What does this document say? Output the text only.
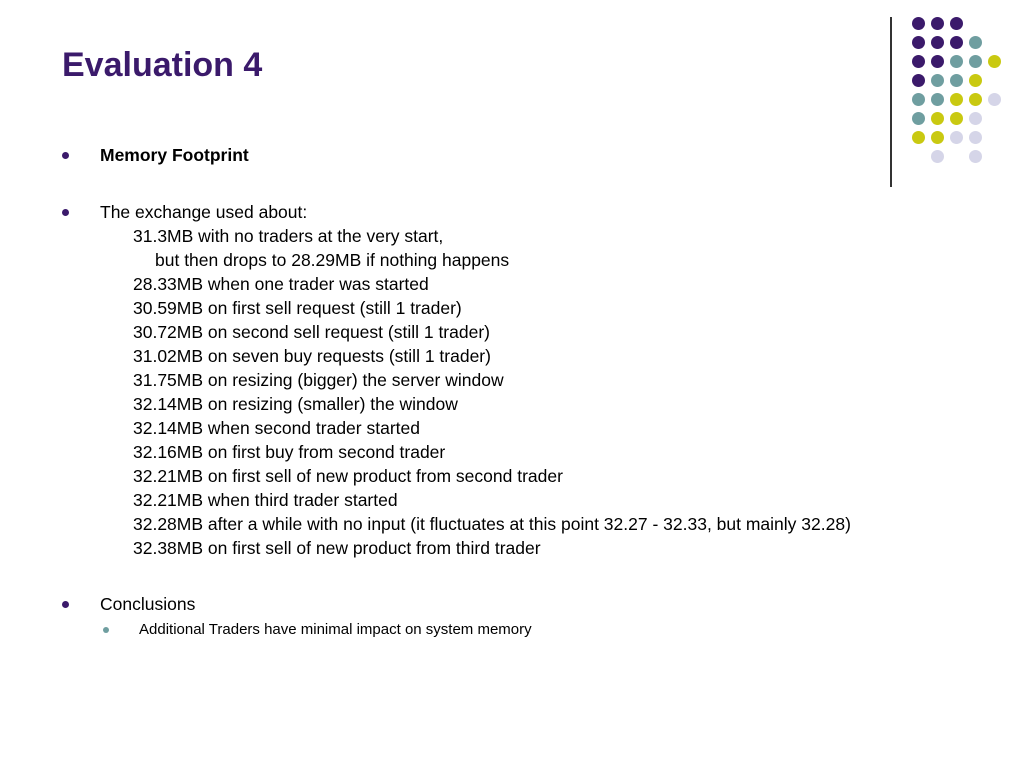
Evaluation 4
Memory Footprint
The exchange used about:
31.3MB with no traders at the very start,
but then drops to 28.29MB if nothing happens
28.33MB when one trader was started
30.59MB on first sell request (still 1 trader)
30.72MB on second sell request (still 1 trader)
31.02MB on seven buy requests (still 1 trader)
31.75MB on resizing (bigger) the server window
32.14MB on resizing (smaller) the window
32.14MB when second trader started
32.16MB on first buy from second trader
32.21MB on first sell of new product from second trader
32.21MB when third trader started
32.28MB after a while with no input (it fluctuates at this point 32.27 - 32.33, but mainly 32.28)
32.38MB on first sell of new product from third trader
Conclusions
Additional Traders have minimal impact on system memory
